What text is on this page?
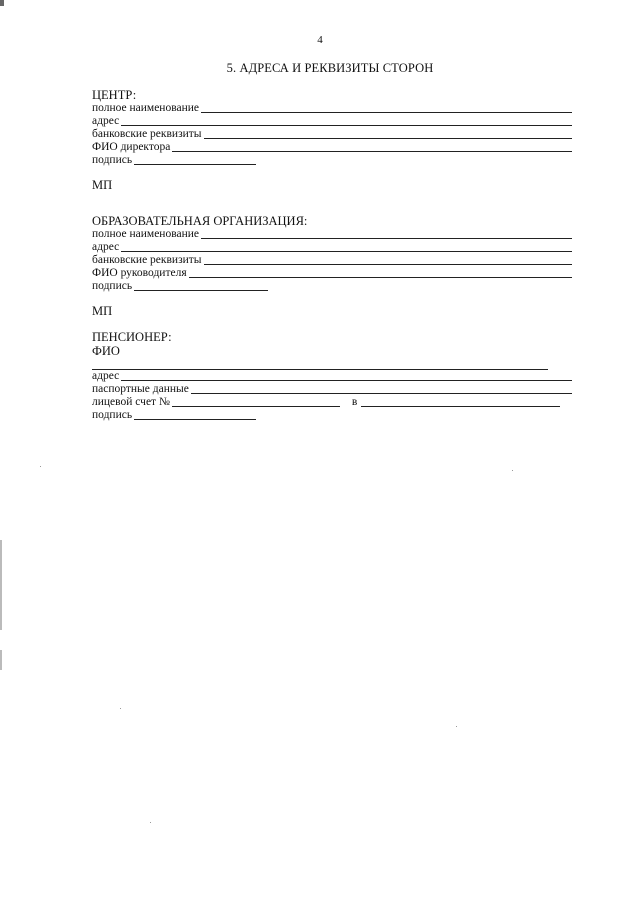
4
5. АДРЕСА И РЕКВИЗИТЫ СТОРОН
ЦЕНТР:
полное наименование
адрес
банковские реквизиты
ФИО директора
подпись
МП
ОБРАЗОВАТЕЛЬНАЯ ОРГАНИЗАЦИЯ:
полное наименование
адрес
банковские реквизиты
ФИО руководителя
подпись
МП
ПЕНСИОНЕР:
ФИО
адрес
паспортные данные
лицевой счет №	в
подпись
